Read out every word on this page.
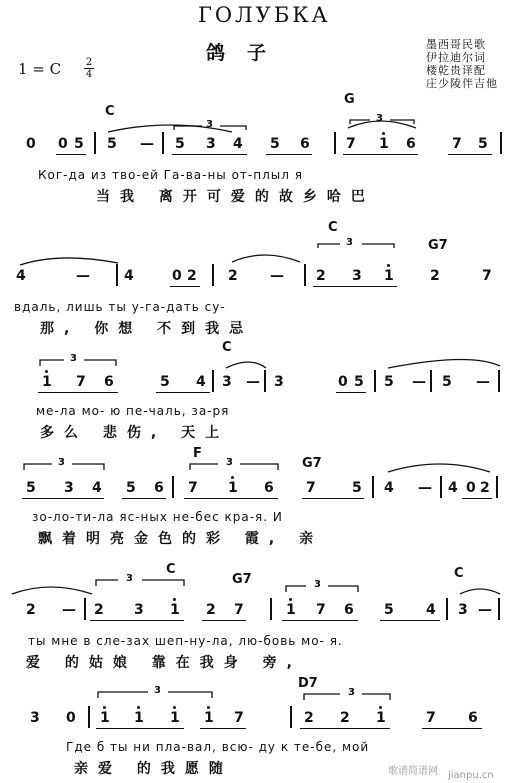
ГОЛУБКА
鸽子
1 = C 2
4
墨西哥民歌
伊拉迪尔词
楼乾贵译配
庄少陵伴吉他
C
G
0 0 5 5 — 5 3 4 5 6	7 1 6	7 5
Ког-да из тво-ей Га-ва-ны от-плыл я
当我 离开可爱的故乡哈巴
C
G7
4	— 4	0 2 2 — 2 3 1	2	7
вдаль, лишь ты у-га-дать су-
那, 你想 不到我忌
C
1 7 6	5 4 3 — 3	0 5 5 — 5 —
ме-ла мо- ю пе-чаль, за-ря
多么 悲伤, 天上
F
G7
5 3 4 5 6 7 1 6 7	5 4 — 4 0 2
зо-ло-ти-ла яс-ных не-бес кра-я. И
飘着明亮金色的彩 霞, 亲
C
G7	C
2 — 2 3 1 2 7	1 7 6 5 4 3 —
ты мне в сле-зах шеп-ну-ла, лю-бовь мо- я.
爱 的姑娘 靠在我身 旁,
D7
3 0 1 1 1 1 7	2 2 1	7 6
Где б ты ни пла-вал, всю- ду к те-бе, мой
亲爱 的我愿随
3
3
3
3
3	3
3
3
3	3
歌谱简谱网 jianpu.cn
